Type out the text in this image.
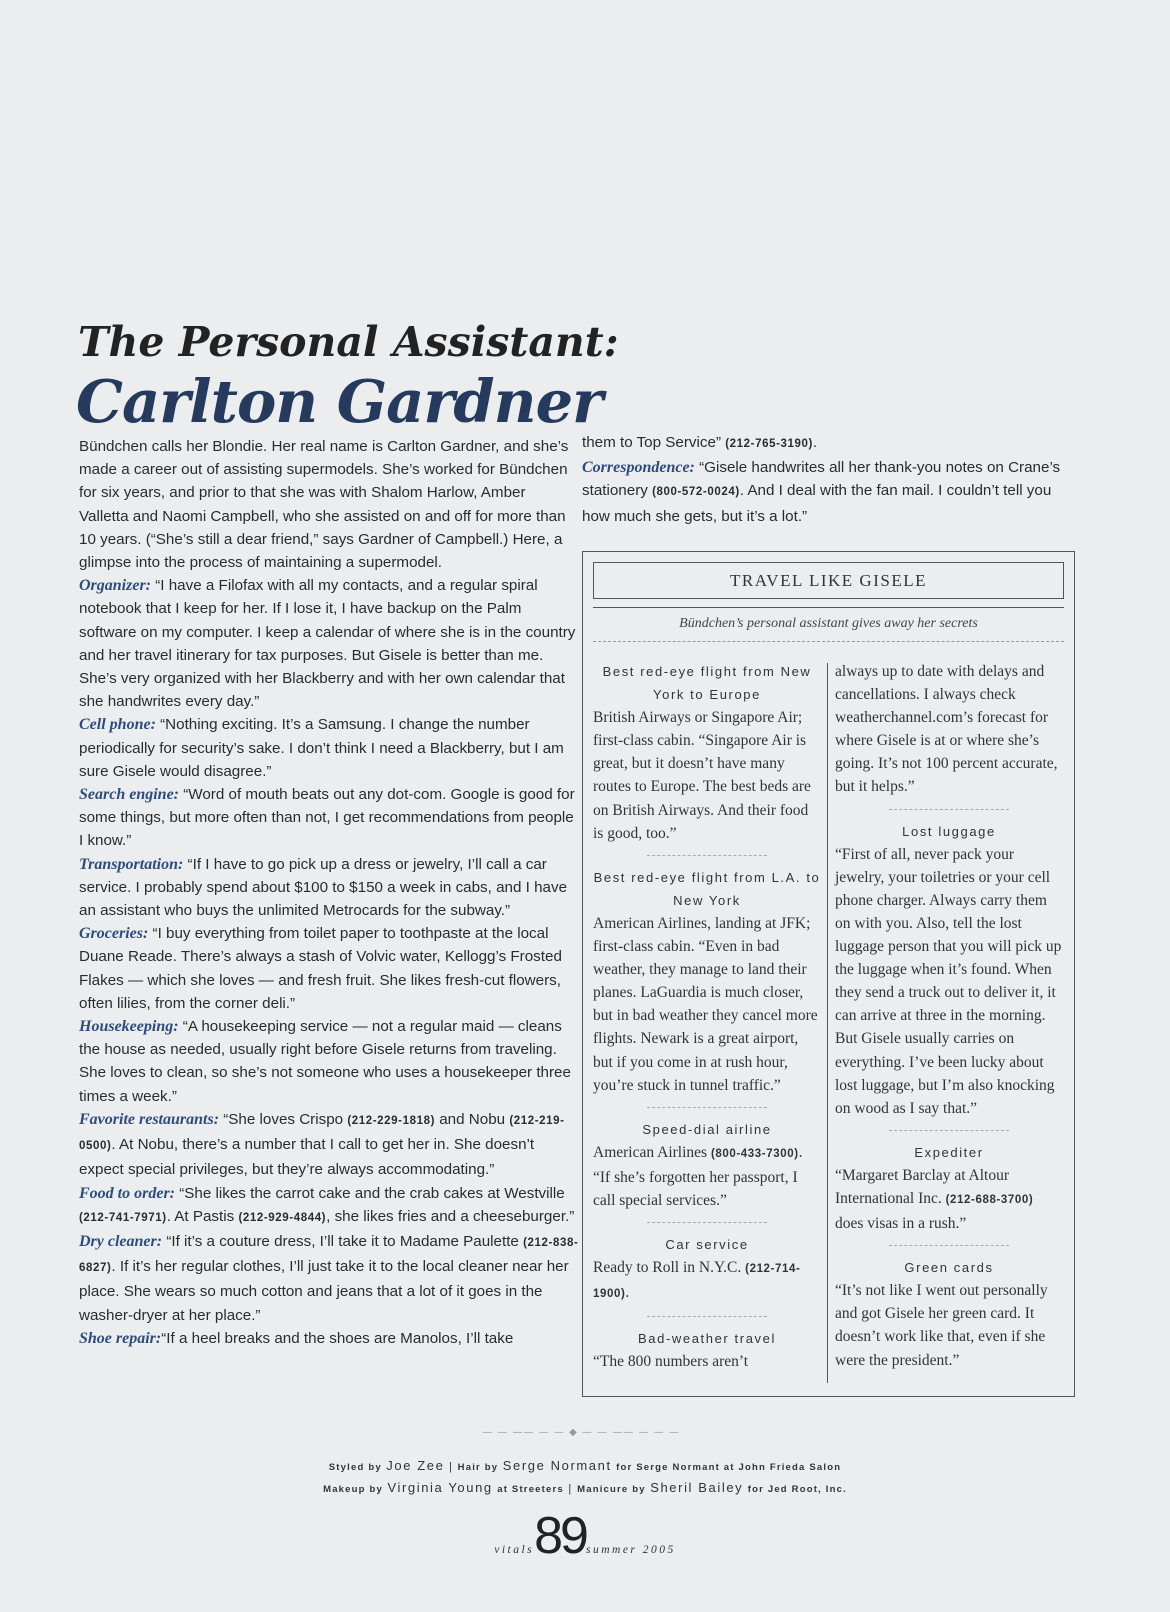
The Personal Assistant:
Carlton Gardner

Bündchen calls her Blondie. Her real name is Carlton Gardner, and she’s made a career out of assisting supermodels. She’s worked for Bündchen for six years, and prior to that she was with Shalom Harlow, Amber Valletta and Naomi Campbell, who she assisted on and off for more than 10 years. (“She’s still a dear friend,” says Gardner of Campbell.) Here, a glimpse into the process of maintaining a supermodel.

Organizer: “I have a Filofax with all my contacts, and a regular spiral notebook that I keep for her. If I lose it, I have backup on the Palm software on my computer. I keep a calendar of where she is in the country and her travel itinerary for tax purposes. But Gisele is better than me. She’s very organized with her Blackberry and with her own calendar that she handwrites every day.”

Cell phone: “Nothing exciting. It’s a Samsung. I change the number periodically for security’s sake. I don’t think I need a Blackberry, but I am sure Gisele would disagree.”

Search engine: “Word of mouth beats out any dot-com. Google is good for some things, but more often than not, I get recommendations from people I know.”

Transportation: “If I have to go pick up a dress or jewelry, I’ll call a car service. I probably spend about $100 to $150 a week in cabs, and I have an assistant who buys the unlimited Metrocards for the subway.”

Groceries: “I buy everything from toilet paper to toothpaste at the local Duane Reade. There’s always a stash of Volvic water, Kellogg’s Frosted Flakes — which she loves — and fresh fruit. She likes fresh-cut flowers, often lilies, from the corner deli.”

Housekeeping: “A housekeeping service — not a regular maid — cleans the house as needed, usually right before Gisele returns from traveling. She loves to clean, so she’s not someone who uses a housekeeper three times a week.”

Favorite restaurants: “She loves Crispo (212-229-1818) and Nobu (212-219-0500). At Nobu, there’s a number that I call to get her in. She doesn’t expect special privileges, but they’re always accommodating.”

Food to order: “She likes the carrot cake and the crab cakes at Westville (212-741-7971). At Pastis (212-929-4844), she likes fries and a cheeseburger.”

Dry cleaner: “If it’s a couture dress, I’ll take it to Madame Paulette (212-838-6827). If it’s her regular clothes, I’ll just take it to the local cleaner near her place. She wears so much cotton and jeans that a lot of it goes in the washer-dryer at her place.”

Shoe repair:“If a heel breaks and the shoes are Manolos, I’ll take

them to Top Service” (212-765-3190).

Correspondence: “Gisele handwrites all her thank-you notes on Crane’s stationery (800-572-0024). And I deal with the fan mail. I couldn’t tell you how much she gets, but it’s a lot.”

TRAVEL LIKE GISELE
Bündchen’s personal assistant gives away her secrets
Best red-eye flight from New York to Europe

British Airways or Singapore Air; first-class cabin. “Singapore Air is great, but it doesn’t have many routes to Europe. The best beds are on British Airways. And their food is good, too.”

Best red-eye flight from L.A. to New York

American Airlines, landing at JFK; first-class cabin. “Even in bad weather, they manage to land their planes. LaGuardia is much closer, but in bad weather they cancel more flights. Newark is a great airport, but if you come in at rush hour, you’re stuck in tunnel traffic.”

Speed-dial airline

American Airlines (800-433-7300). “If she’s forgotten her passport, I call special services.”

Car service

Ready to Roll in N.Y.C. (212-714-1900).

Bad-weather travel

“The 800 numbers aren’t

always up to date with delays and cancellations. I always check weatherchannel.com’s forecast for where Gisele is at or where she’s going. It’s not 100 percent accurate, but it helps.”

Lost luggage

“First of all, never pack your jewelry, your toiletries or your cell phone charger. Always carry them on with you. Also, tell the lost luggage person that you will pick up the luggage when it’s found. When they send a truck out to deliver it, it can arrive at three in the morning. But Gisele usually carries on everything. I’ve been lucky about lost luggage, but I’m also knocking on wood as I say that.”

Expediter

“Margaret Barclay at Altour International Inc. (212-688-3700) does visas in a rush.”

Green cards

“It’s not like I went out personally and got Gisele her green card. It doesn’t work like that, even if she were the president.”

— — —— — — ◆ — — —— — — —
Styled by Joe Zee | Hair by Serge Normant for Serge Normant at John Frieda Salon
Makeup by Virginia Young at Streeters | Manicure by Sheril Bailey for Jed Root, Inc.
vitals89summer 2005
